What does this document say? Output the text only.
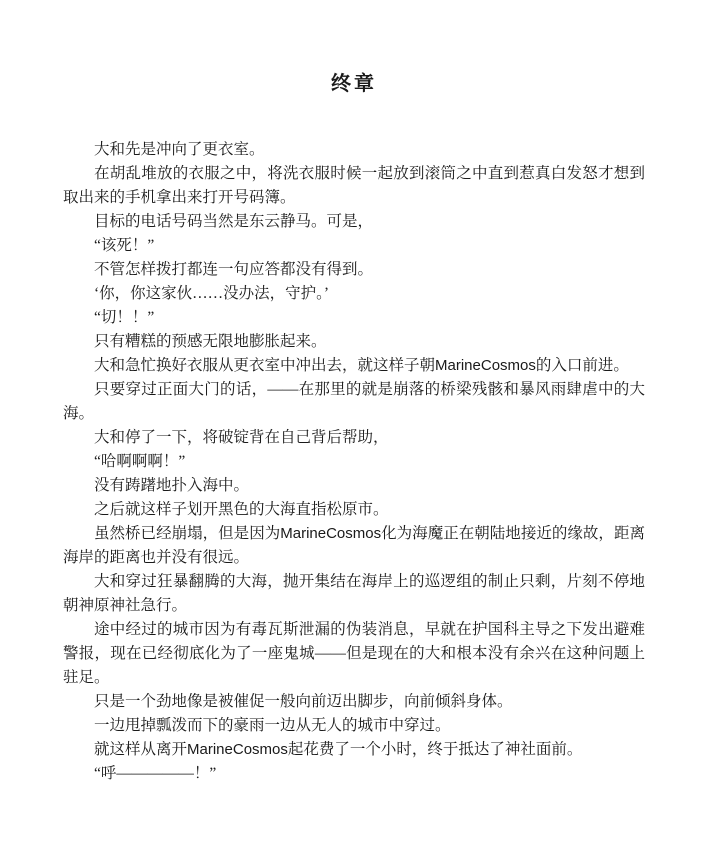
终章

大和先是冲向了更衣室。

在胡乱堆放的衣服之中，将洗衣服时候一起放到滚筒之中直到惹真白发怒才想到取出来的手机拿出来打开号码簿。

目标的电话号码当然是东云静马。可是，

“该死！”

不管怎样拨打都连一句应答都没有得到。

‘你，你这家伙……没办法，守护。’

“切！！”

只有糟糕的预感无限地膨胀起来。

大和急忙换好衣服从更衣室中冲出去，就这样子朝MarineCosmos的入口前进。

只要穿过正面大门的话，——在那里的就是崩落的桥梁残骸和暴风雨肆虐中的大海。

大和停了一下，将破锭背在自己背后帮助，

“哈啊啊啊！”

没有踌躇地扑入海中。

之后就这样子划开黑色的大海直指松原市。

虽然桥已经崩塌，但是因为MarineCosmos化为海魔正在朝陆地接近的缘故，距离海岸的距离也并没有很远。

大和穿过狂暴翻腾的大海，抛开集结在海岸上的巡逻组的制止只剩，片刻不停地朝神原神社急行。

途中经过的城市因为有毒瓦斯泄漏的伪装消息，早就在护国科主导之下发出避难警报，现在已经彻底化为了一座鬼城——但是现在的大和根本没有余兴在这种问题上驻足。

只是一个劲地像是被催促一般向前迈出脚步，向前倾斜身体。

一边甩掉瓢泼而下的豪雨一边从无人的城市中穿过。

就这样从离开MarineCosmos起花费了一个小时，终于抵达了神社面前。

“呼—————！”
